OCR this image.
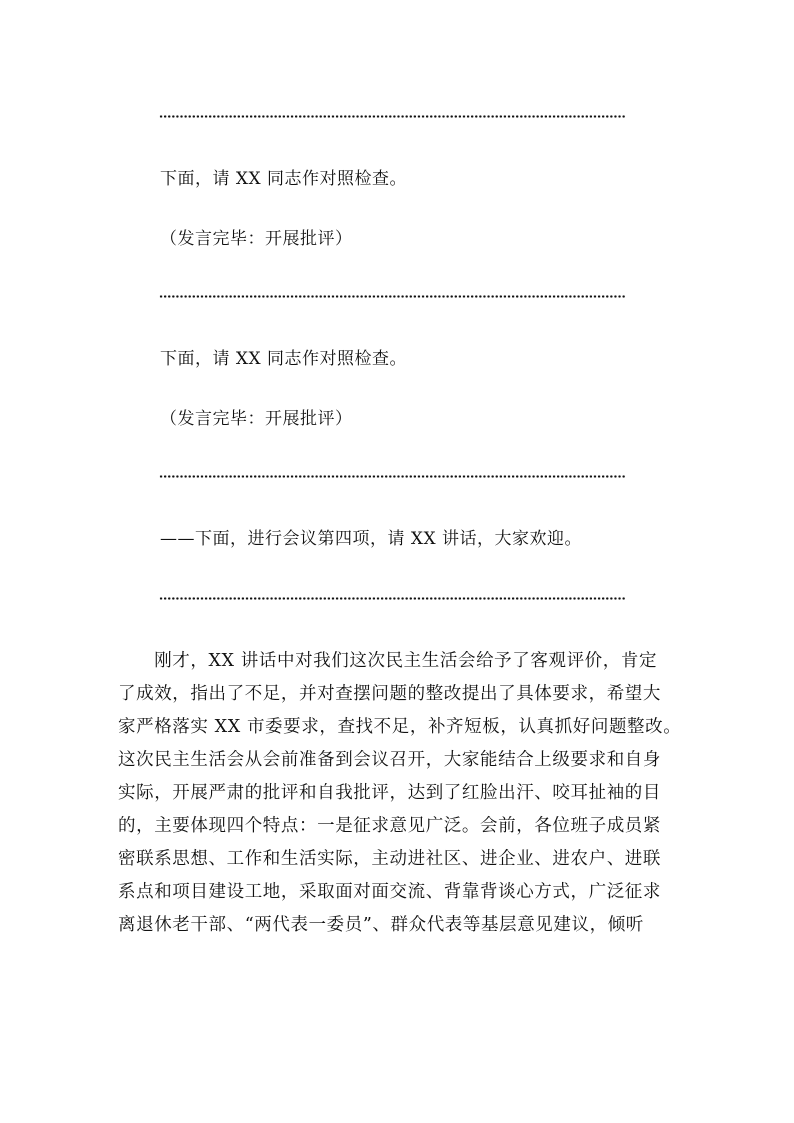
下面，请 XX 同志作对照检查。
（发言完毕：开展批评）
下面，请 XX 同志作对照检查。
（发言完毕：开展批评）
——下面，进行会议第四项，请 XX 讲话，大家欢迎。
　　刚才，XX 讲话中对我们这次民主生活会给予了客观评价，肯定
了成效，指出了不足，并对查摆问题的整改提出了具体要求，希望大
家严格落实 XX 市委要求，查找不足，补齐短板，认真抓好问题整改。
这次民主生活会从会前准备到会议召开，大家能结合上级要求和自身
实际，开展严肃的批评和自我批评，达到了红脸出汗、咬耳扯袖的目
的，主要体现四个特点：一是征求意见广泛。会前，各位班子成员紧
密联系思想、工作和生活实际，主动进社区、进企业、进农户、进联
系点和项目建设工地，采取面对面交流、背靠背谈心方式，广泛征求
离退休老干部、“两代表一委员”、群众代表等基层意见建议，倾听
